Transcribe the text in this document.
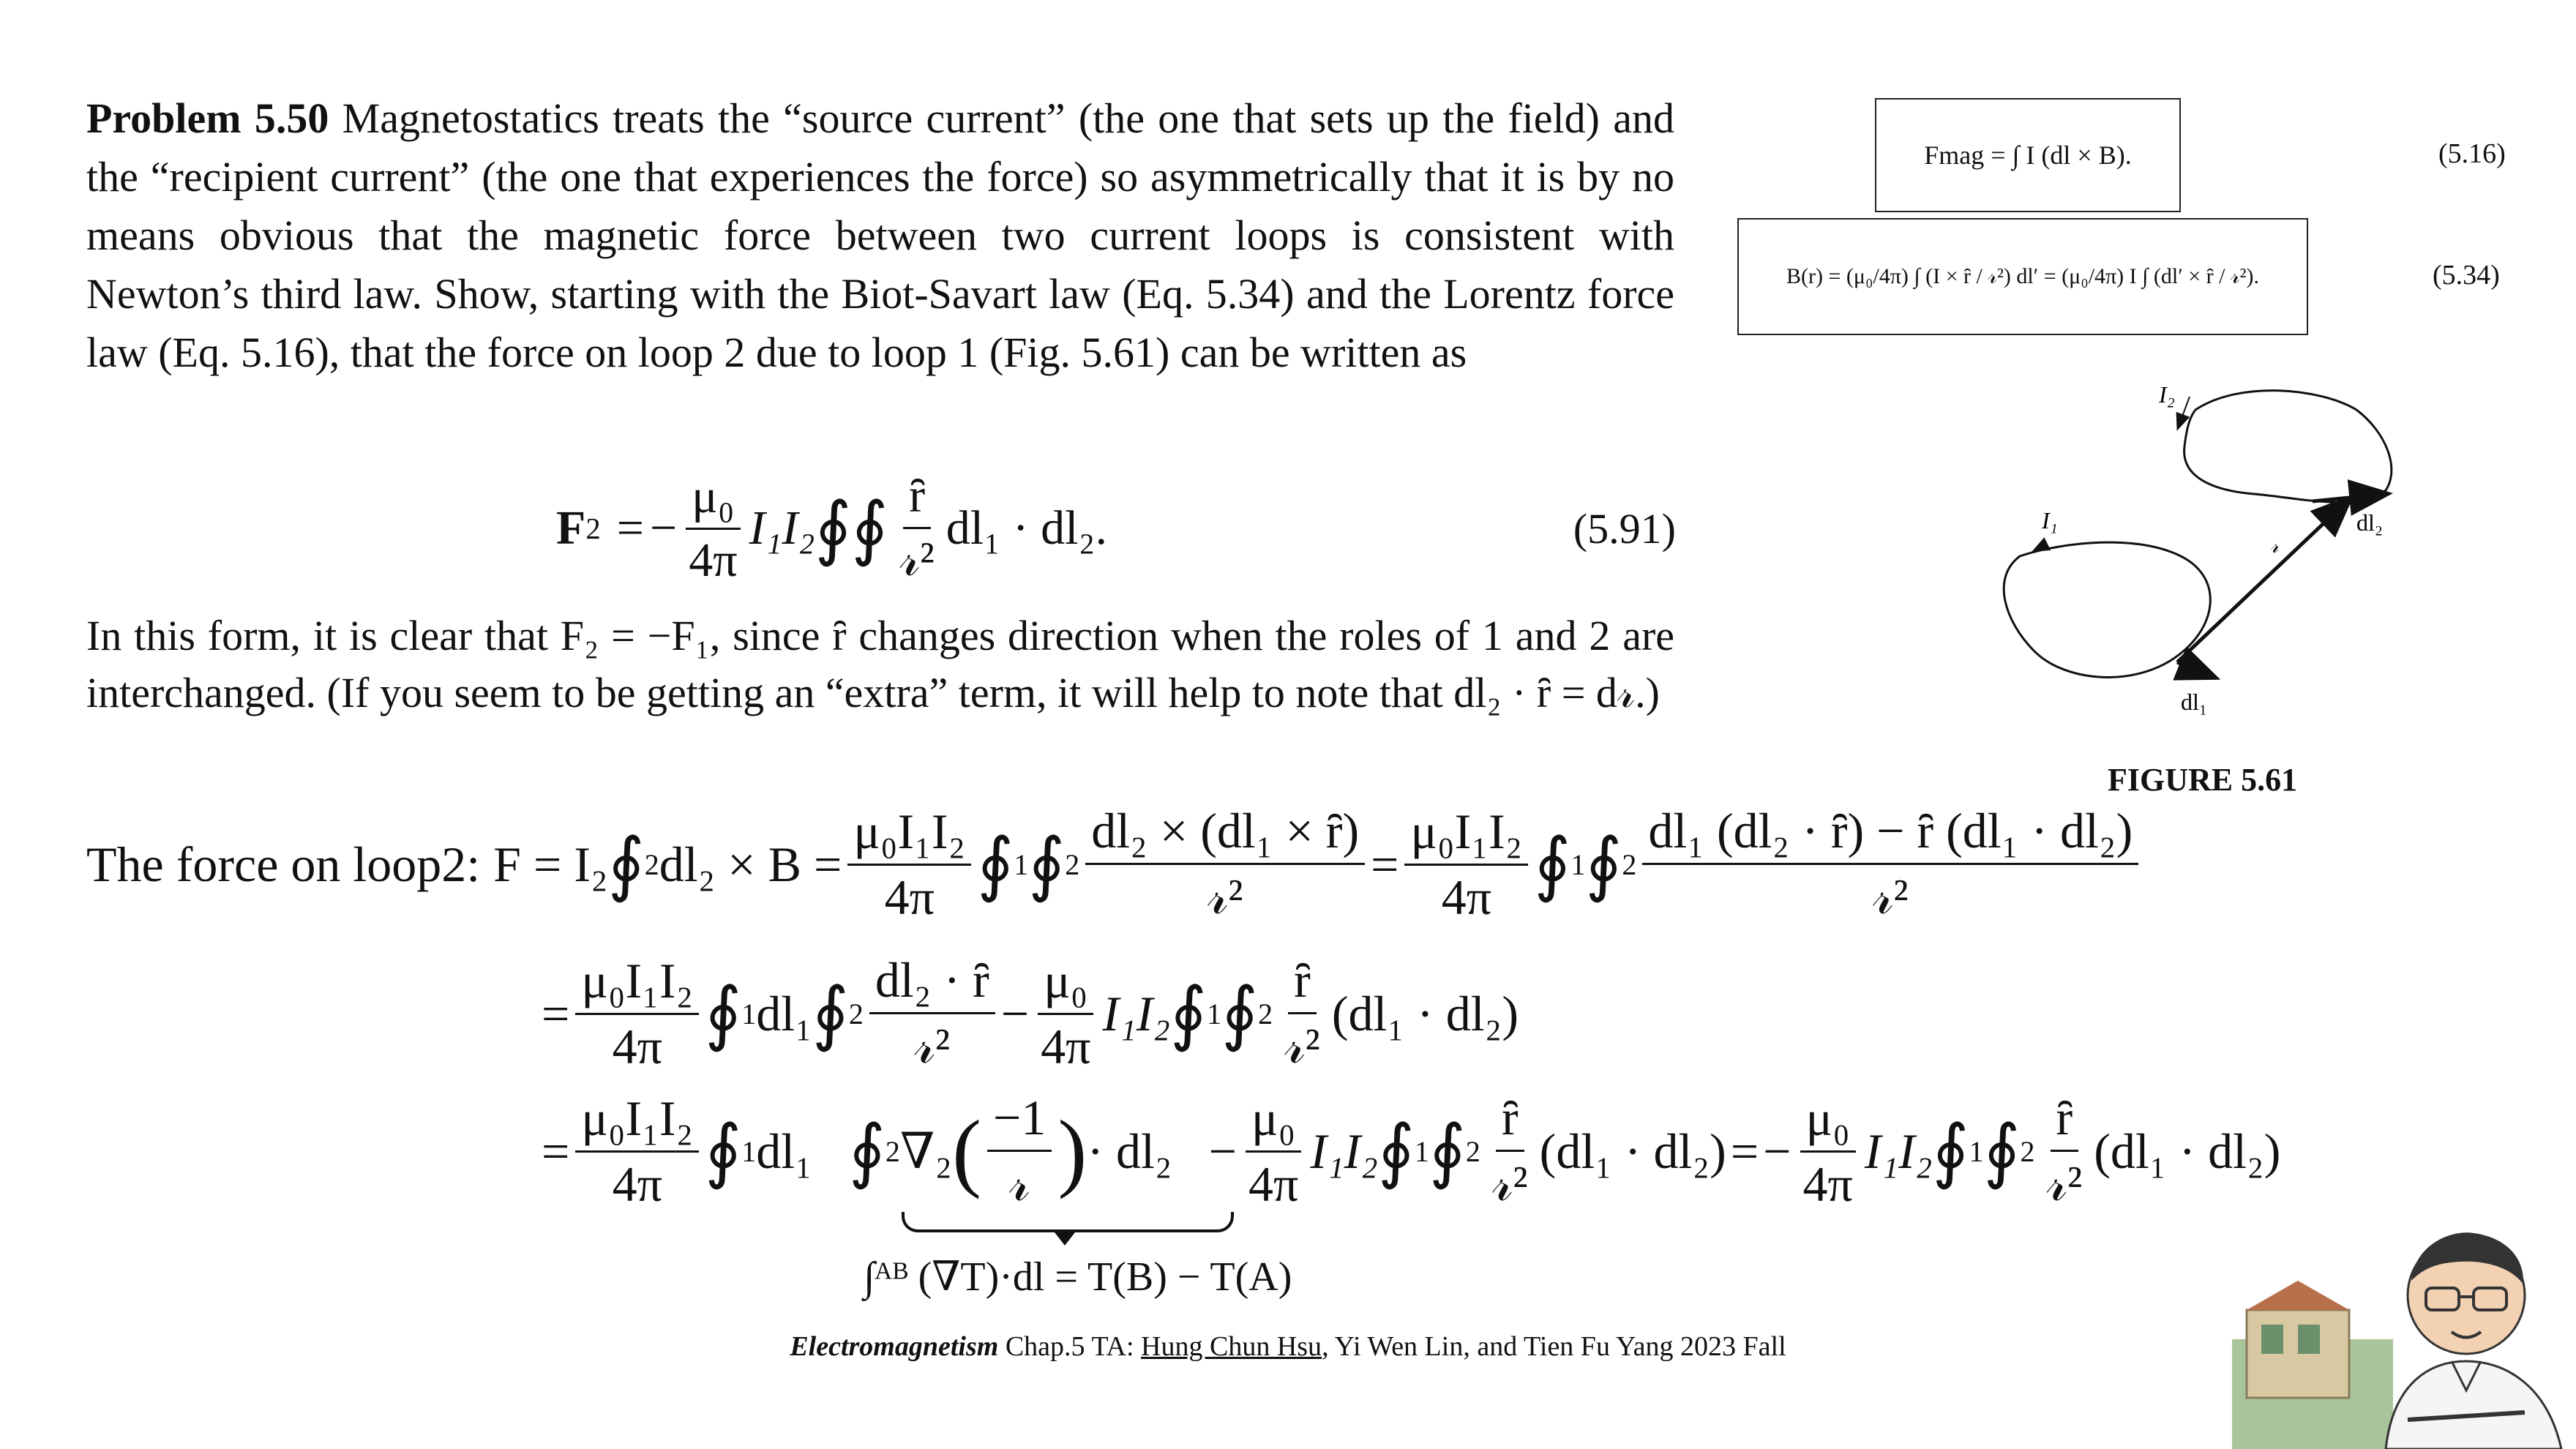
Problem 5.50 Magnetostatics treats the “source current” (the one that sets up the field) and the “recipient current” (the one that experiences the force) so asymmetrically that it is by no means obvious that the magnetic force between two current loops is consistent with Newton’s third law. Show, starting with the Biot-Savart law (Eq. 5.34) and the Lorentz force law (Eq. 5.16), that the force on loop 2 due to loop 1 (Fig. 5.61) can be written as
F 2 = − $\frac{\text{μ₀}}{4\pi} I_1I_2$ ∮ ∮ $\frac{ȓ}{\text{𝓇²}} dl_1 \cdot dl_2$.	(5.91)
In this form, it is clear that F₂ = −F₁, since ȓ changes direction when the roles of 1 and 2 are interchanged. (If you seem to be getting an “extra” term, it will help to note that dl₂ · ȓ = d𝓇.)
Fmag = ∫ I (dl × B).	(5.16)
B(r) = (μ₀/4π) ∫ (I × ȓ / 𝓇²) dl′ = (μ₀/4π) I ∫ (dl′ × ȓ / 𝓇²).	(5.34)
I₂
I₁	dl₂
dl₁
𝓇
FIGURE 5.61
The force on loop2: F = I₂ ∮ 2 $dl_2 \times B = \frac{\text{μ₀I₁I₂}}{4\pi}$ ∮ 1 ∮ $2 \frac{\text{dl₂ × (dl₁ × ȓ)}}{\text{𝓇²}} = \frac{\text{μ₀I₁I₂}}{4\pi}$ ∮ 1 ∮ $2 \frac{\text{dl₁ (dl₂ · ȓ) − ȓ (dl₁ · dl₂)}}{\text{𝓇²}}$
= $\frac{\text{μ₀I₁I₂}}{4\pi}$ ∮ 1 dl₁ ∮ $2 \frac{\text{dl₂ · ȓ}}{\text{𝓇²}} - \frac{\text{μ₀}}{4\pi} I_1I_2$ ∮ 1 ∮ $2 \frac{ȓ}{\text{𝓇²}} (dl_1 \cdot dl_2)$
= $\frac{\text{μ₀I₁I₂}}{4\pi}$ ∮ 1 dl₁ ∮ 2 ∇₂ ( $\frac{-1}{\text{𝓇}}$ ) · $dl_2 - \frac{\text{μ₀}}{4\pi} I_1I_2$ ∮ 1 ∮ $2 \frac{ȓ}{\text{𝓇²}} (dl_1 \cdot dl_2)$ = − $\frac{\text{μ₀}}{4\pi} I_1I_2$ ∮ 1 ∮ $2 \frac{ȓ}{\text{𝓇²}} (dl_1 \cdot dl_2)$
∫ᴬᴮ (∇T)·dl = T(B) − T(A)
Electromagnetism Chap.5 TA: Hung Chun Hsu, Yi Wen Lin, and Tien Fu Yang 2023 Fall
